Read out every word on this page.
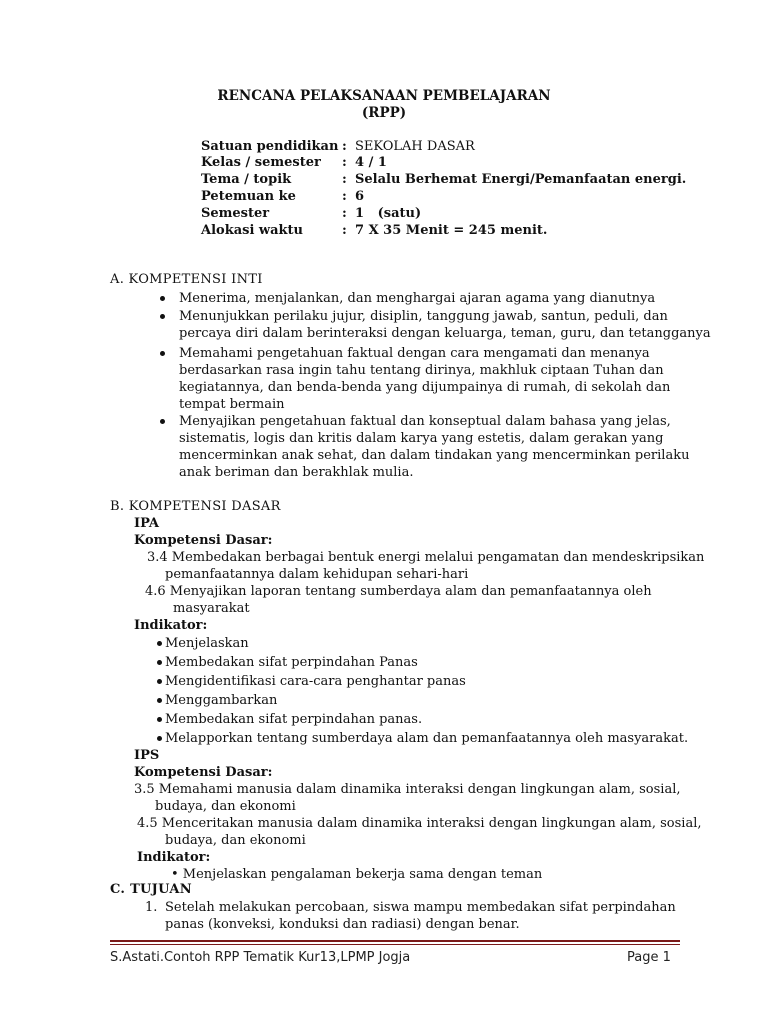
RENCANA PELAKSANAAN PEMBELAJARAN
(RPP)
Satuan pendidikan : SEKOLAH DASAR
Kelas / semester : 4 / 1
Tema / topik	: Selalu Berhemat Energi/Pemanfaatan energi.
Petemuan ke	: 6
Semester	: 1   (satu)
Alokasi waktu	: 7 X 35 Menit = 245 menit.
A. KOMPETENSI INTI
Menerima, menjalankan, dan menghargai ajaran agama yang dianutnya
Menunjukkan perilaku jujur, disiplin, tanggung jawab, santun, peduli, dan
percaya diri dalam berinteraksi dengan keluarga, teman, guru, dan tetangganya
Memahami pengetahuan faktual dengan cara mengamati dan menanya
berdasarkan rasa ingin tahu tentang dirinya, makhluk ciptaan Tuhan dan
kegiatannya, dan benda-benda yang dijumpainya di rumah, di sekolah dan
tempat bermain
Menyajikan pengetahuan faktual dan konseptual dalam bahasa yang jelas,
sistematis, logis dan kritis dalam karya yang estetis, dalam gerakan yang
mencerminkan anak sehat, dan dalam tindakan yang mencerminkan perilaku
anak beriman dan berakhlak mulia.
B. KOMPETENSI DASAR
IPA
Kompetensi Dasar:
3.4 Membedakan berbagai bentuk energi melalui pengamatan dan mendeskripsikan
pemanfaatannya dalam kehidupan sehari-hari
4.6 Menyajikan laporan tentang sumberdaya alam dan pemanfaatannya oleh
masyarakat
Indikator:
Menjelaskan
Membedakan sifat perpindahan Panas
Mengidentifikasi cara-cara penghantar panas
Menggambarkan
Membedakan sifat perpindahan panas.
Melapporkan tentang sumberdaya alam dan pemanfaatannya oleh masyarakat.
IPS
Kompetensi Dasar:
3.5 Memahami manusia dalam dinamika interaksi dengan lingkungan alam, sosial,
budaya, dan ekonomi
4.5 Menceritakan manusia dalam dinamika interaksi dengan lingkungan alam, sosial,
budaya, dan ekonomi
Indikator:
• Menjelaskan pengalaman bekerja sama dengan teman
C. TUJUAN
1. Setelah melakukan percobaan, siswa mampu membedakan sifat perpindahan
panas (konveksi, konduksi dan radiasi) dengan benar.
S.Astati.Contoh RPP Tematik Kur13,LPMP Jogja	Page 1
